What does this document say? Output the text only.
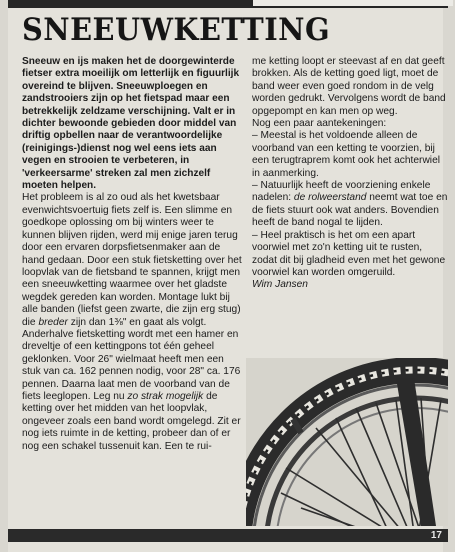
SNEEUWKETTING

Sneeuw en ijs maken het de doorgewinterde fietser extra moeilijk om letterlijk en figuurlijk overeind te blijven. Sneeuwploegen en zandstrooiers zijn op het fietspad maar een betrekkelijk zeldzame verschijning. Valt er in dichter bewoonde gebieden door middel van driftig opbellen naar de verantwoordelijke (reinigings-)dienst nog wel eens iets aan vegen en strooien te verbeteren, in 'verkeersarme' streken zal men zichzelf moeten helpen.

Het probleem is al zo oud als het kwetsbaar evenwichtsvoertuig fiets zelf is. Een slimme en goedkope oplossing om bij winters weer te kunnen blijven rijden, werd mij enige jaren terug door een ervaren dorpsfietsenmaker aan de hand gedaan. Door een stuk fietsketting over het loopvlak van de fietsband te spannen, krijgt men een sneeuwketting waarmee over het gladste wegdek gereden kan worden. Montage lukt bij alle banden (liefst geen zwarte, die zijn erg stug) die breder zijn dan 1⅜" en gaat als volgt. Anderhalve fietsketting wordt met een hamer en dreveltje of een kettingpons tot één geheel geklonken. Voor 26" wielmaat heeft men een stuk van ca. 162 pennen nodig, voor 28" ca. 176 pennen. Daarna laat men de voorband van de fiets leeglopen. Leg nu zo strak mogelijk de ketting over het midden van het loopvlak, ongeveer zoals een band wordt omgelegd. Zit er nog iets ruimte in de ketting, probeer dan of er nog een schakel tussenuit kan. Een te rui-

me ketting loopt er steevast af en dat geeft brokken. Als de ketting goed ligt, moet de band weer even goed rondom in de velg worden gedrukt. Vervolgens wordt de band opgepompt en kan men op weg.

Nog een paar aantekeningen:

– Meestal is het voldoende alleen de voorband van een ketting te voorzien, bij een terugtraprem komt ook het achterwiel in aanmerking.

– Natuurlijk heeft de voorziening enkele nadelen: de rolweerstand neemt wat toe en de fiets stuurt ook wat anders. Bovendien heeft de band nogal te lijden.

– Heel praktisch is het om een apart voorwiel met zo'n ketting uit te rusten, zodat dit bij gladheid even met het gewone voorwiel kan worden omgeruild.

Wim Jansen

17
